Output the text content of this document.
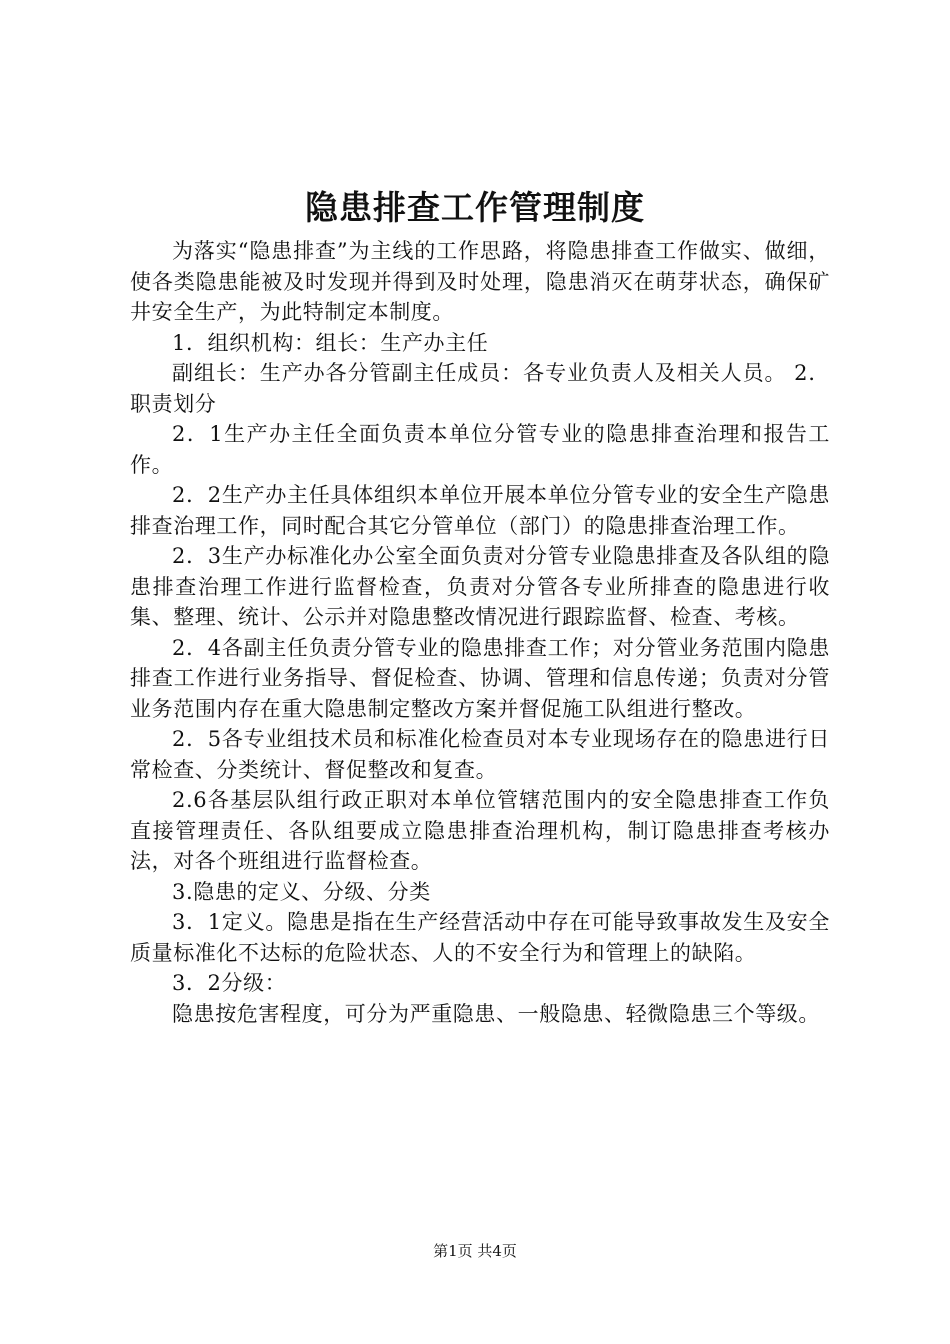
隐患排查工作管理制度

为落实“隐患排查”为主线的工作思路，将隐患排查工作做实、做细，使各类隐患能被及时发现并得到及时处理，隐患消灭在萌芽状态，确保矿井安全生产，为此特制定本制度。

1．组织机构：组长：生产办主任

副组长：生产办各分管副主任成员：各专业负责人及相关人员。 2．职责划分

2．1生产办主任全面负责本单位分管专业的隐患排查治理和报告工作。

2．2生产办主任具体组织本单位开展本单位分管专业的安全生产隐患排查治理工作，同时配合其它分管单位（部门）的隐患排查治理工作。

2．3生产办标准化办公室全面负责对分管专业隐患排查及各队组的隐患排查治理工作进行监督检查，负责对分管各专业所排查的隐患进行收集、整理、统计、公示并对隐患整改情况进行跟踪监督、检查、考核。

2．4各副主任负责分管专业的隐患排查工作；对分管业务范围内隐患排查工作进行业务指导、督促检查、协调、管理和信息传递；负责对分管业务范围内存在重大隐患制定整改方案并督促施工队组进行整改。

2．5各专业组技术员和标准化检查员对本专业现场存在的隐患进行日常检查、分类统计、督促整改和复查。

2.6各基层队组行政正职对本单位管辖范围内的安全隐患排查工作负直接管理责任、各队组要成立隐患排查治理机构，制订隐患排查考核办法，对各个班组进行监督检查。

3.隐患的定义、分级、分类

3．1定义。隐患是指在生产经营活动中存在可能导致事故发生及安全质量标准化不达标的危险状态、人的不安全行为和管理上的缺陷。

3．2分级：

隐患按危害程度，可分为严重隐患、一般隐患、轻微隐患三个等级。

第1页 共4页
